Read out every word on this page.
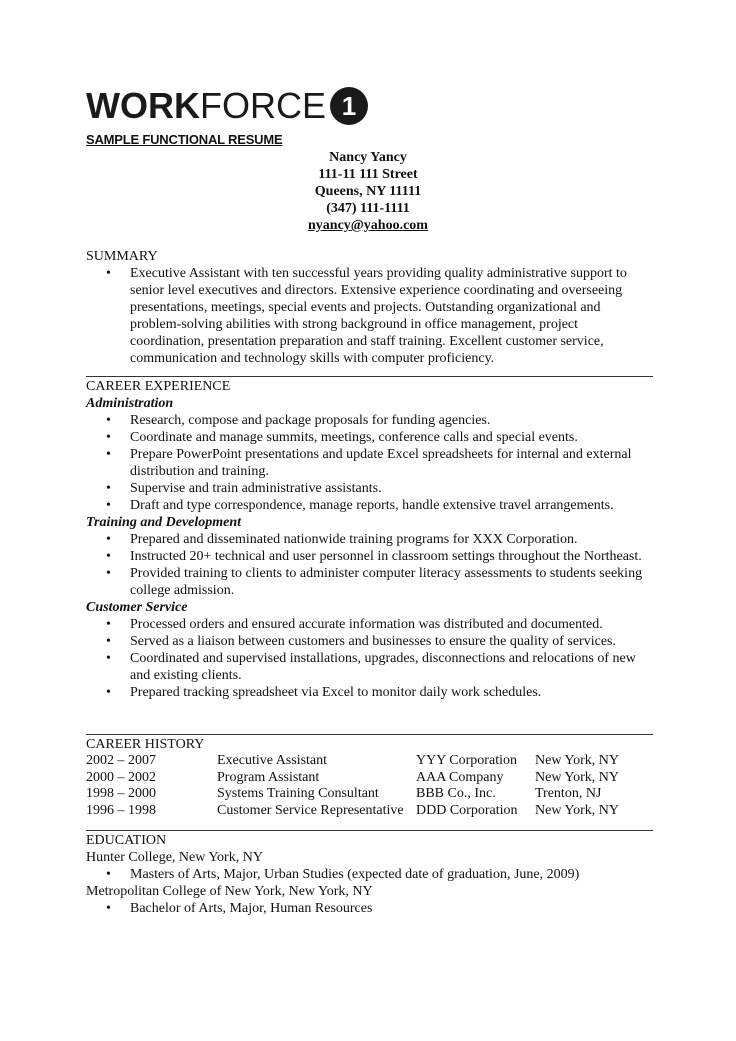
WORKFORCE 1
SAMPLE FUNCTIONAL RESUME
Nancy Yancy
111-11 111 Street
Queens, NY 11111
(347) 111-1111
nyancy@yahoo.com
SUMMARY
• Executive Assistant with ten successful years providing quality administrative support to senior level executives and directors. Extensive experience coordinating and overseeing presentations, meetings, special events and projects. Outstanding organizational and problem-solving abilities with strong background in office management, project coordination, presentation preparation and staff training. Excellent customer service, communication and technology skills with computer proficiency.
CAREER EXPERIENCE
Administration
• Research, compose and package proposals for funding agencies.
• Coordinate and manage summits, meetings, conference calls and special events.
• Prepare PowerPoint presentations and update Excel spreadsheets for internal and external distribution and training.
• Supervise and train administrative assistants.
• Draft and type correspondence, manage reports, handle extensive travel arrangements.
Training and Development
• Prepared and disseminated nationwide training programs for XXX Corporation.
• Instructed 20+ technical and user personnel in classroom settings throughout the Northeast.
• Provided training to clients to administer computer literacy assessments to students seeking college admission.
Customer Service
• Processed orders and ensured accurate information was distributed and documented.
• Served as a liaison between customers and businesses to ensure the quality of services.
• Coordinated and supervised installations, upgrades, disconnections and relocations of new and existing clients.
• Prepared tracking spreadsheet via Excel to monitor daily work schedules.
CAREER HISTORY
2002 – 2007	Executive Assistant	YYY Corporation	New York, NY
2000 – 2002	Program Assistant	AAA Company	New York, NY
1998 – 2000	Systems Training Consultant	BBB Co., Inc.	Trenton, NJ
1996 – 1998	Customer Service Representative	DDD Corporation	New York, NY
EDUCATION
Hunter College, New York, NY
• Masters of Arts, Major, Urban Studies (expected date of graduation, June, 2009)
Metropolitan College of New York, New York, NY
• Bachelor of Arts, Major, Human Resources
